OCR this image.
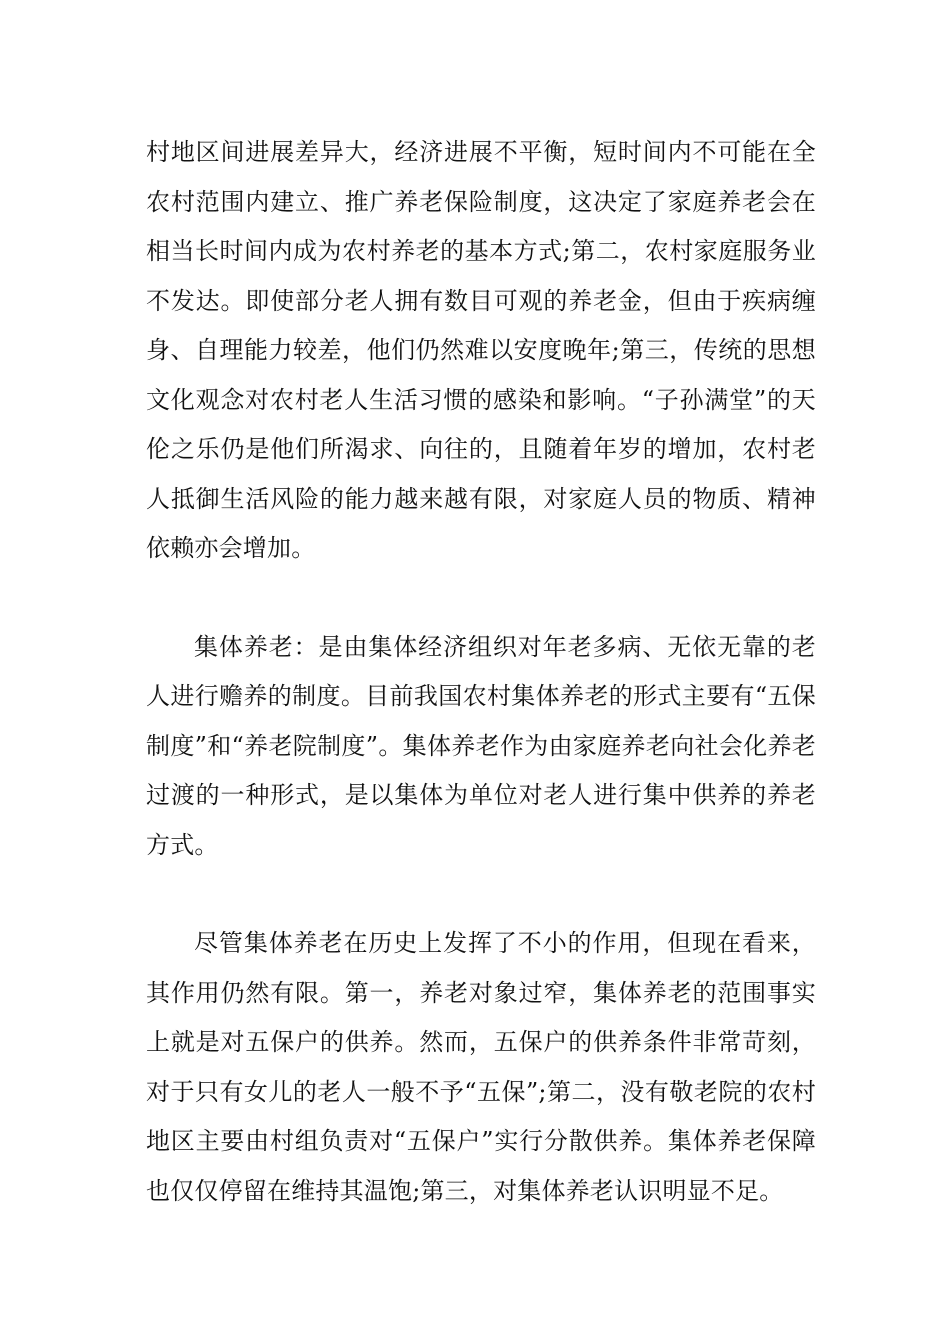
村地区间进展差异大，经济进展不平衡，短时间内不可能在全农村范围内建立、推广养老保险制度，这决定了家庭养老会在相当长时间内成为农村养老的基本方式;第二，农村家庭服务业不发达。即使部分老人拥有数目可观的养老金，但由于疾病缠身、自理能力较差，他们仍然难以安度晚年;第三，传统的思想文化观念对农村老人生活习惯的感染和影响。“子孙满堂”的天伦之乐仍是他们所渴求、向往的，且随着年岁的增加，农村老人抵御生活风险的能力越来越有限，对家庭人员的物质、精神依赖亦会增加。

集体养老：是由集体经济组织对年老多病、无依无靠的老人进行赡养的制度。目前我国农村集体养老的形式主要有“五保制度”和“养老院制度”。集体养老作为由家庭养老向社会化养老过渡的一种形式，是以集体为单位对老人进行集中供养的养老方式。

尽管集体养老在历史上发挥了不小的作用，但现在看来，其作用仍然有限。第一，养老对象过窄，集体养老的范围事实上就是对五保户的供养。然而，五保户的供养条件非常苛刻，对于只有女儿的老人一般不予“五保”;第二，没有敬老院的农村地区主要由村组负责对“五保户”实行分散供养。集体养老保障也仅仅停留在维持其温饱;第三，对集体养老认识明显不足。
